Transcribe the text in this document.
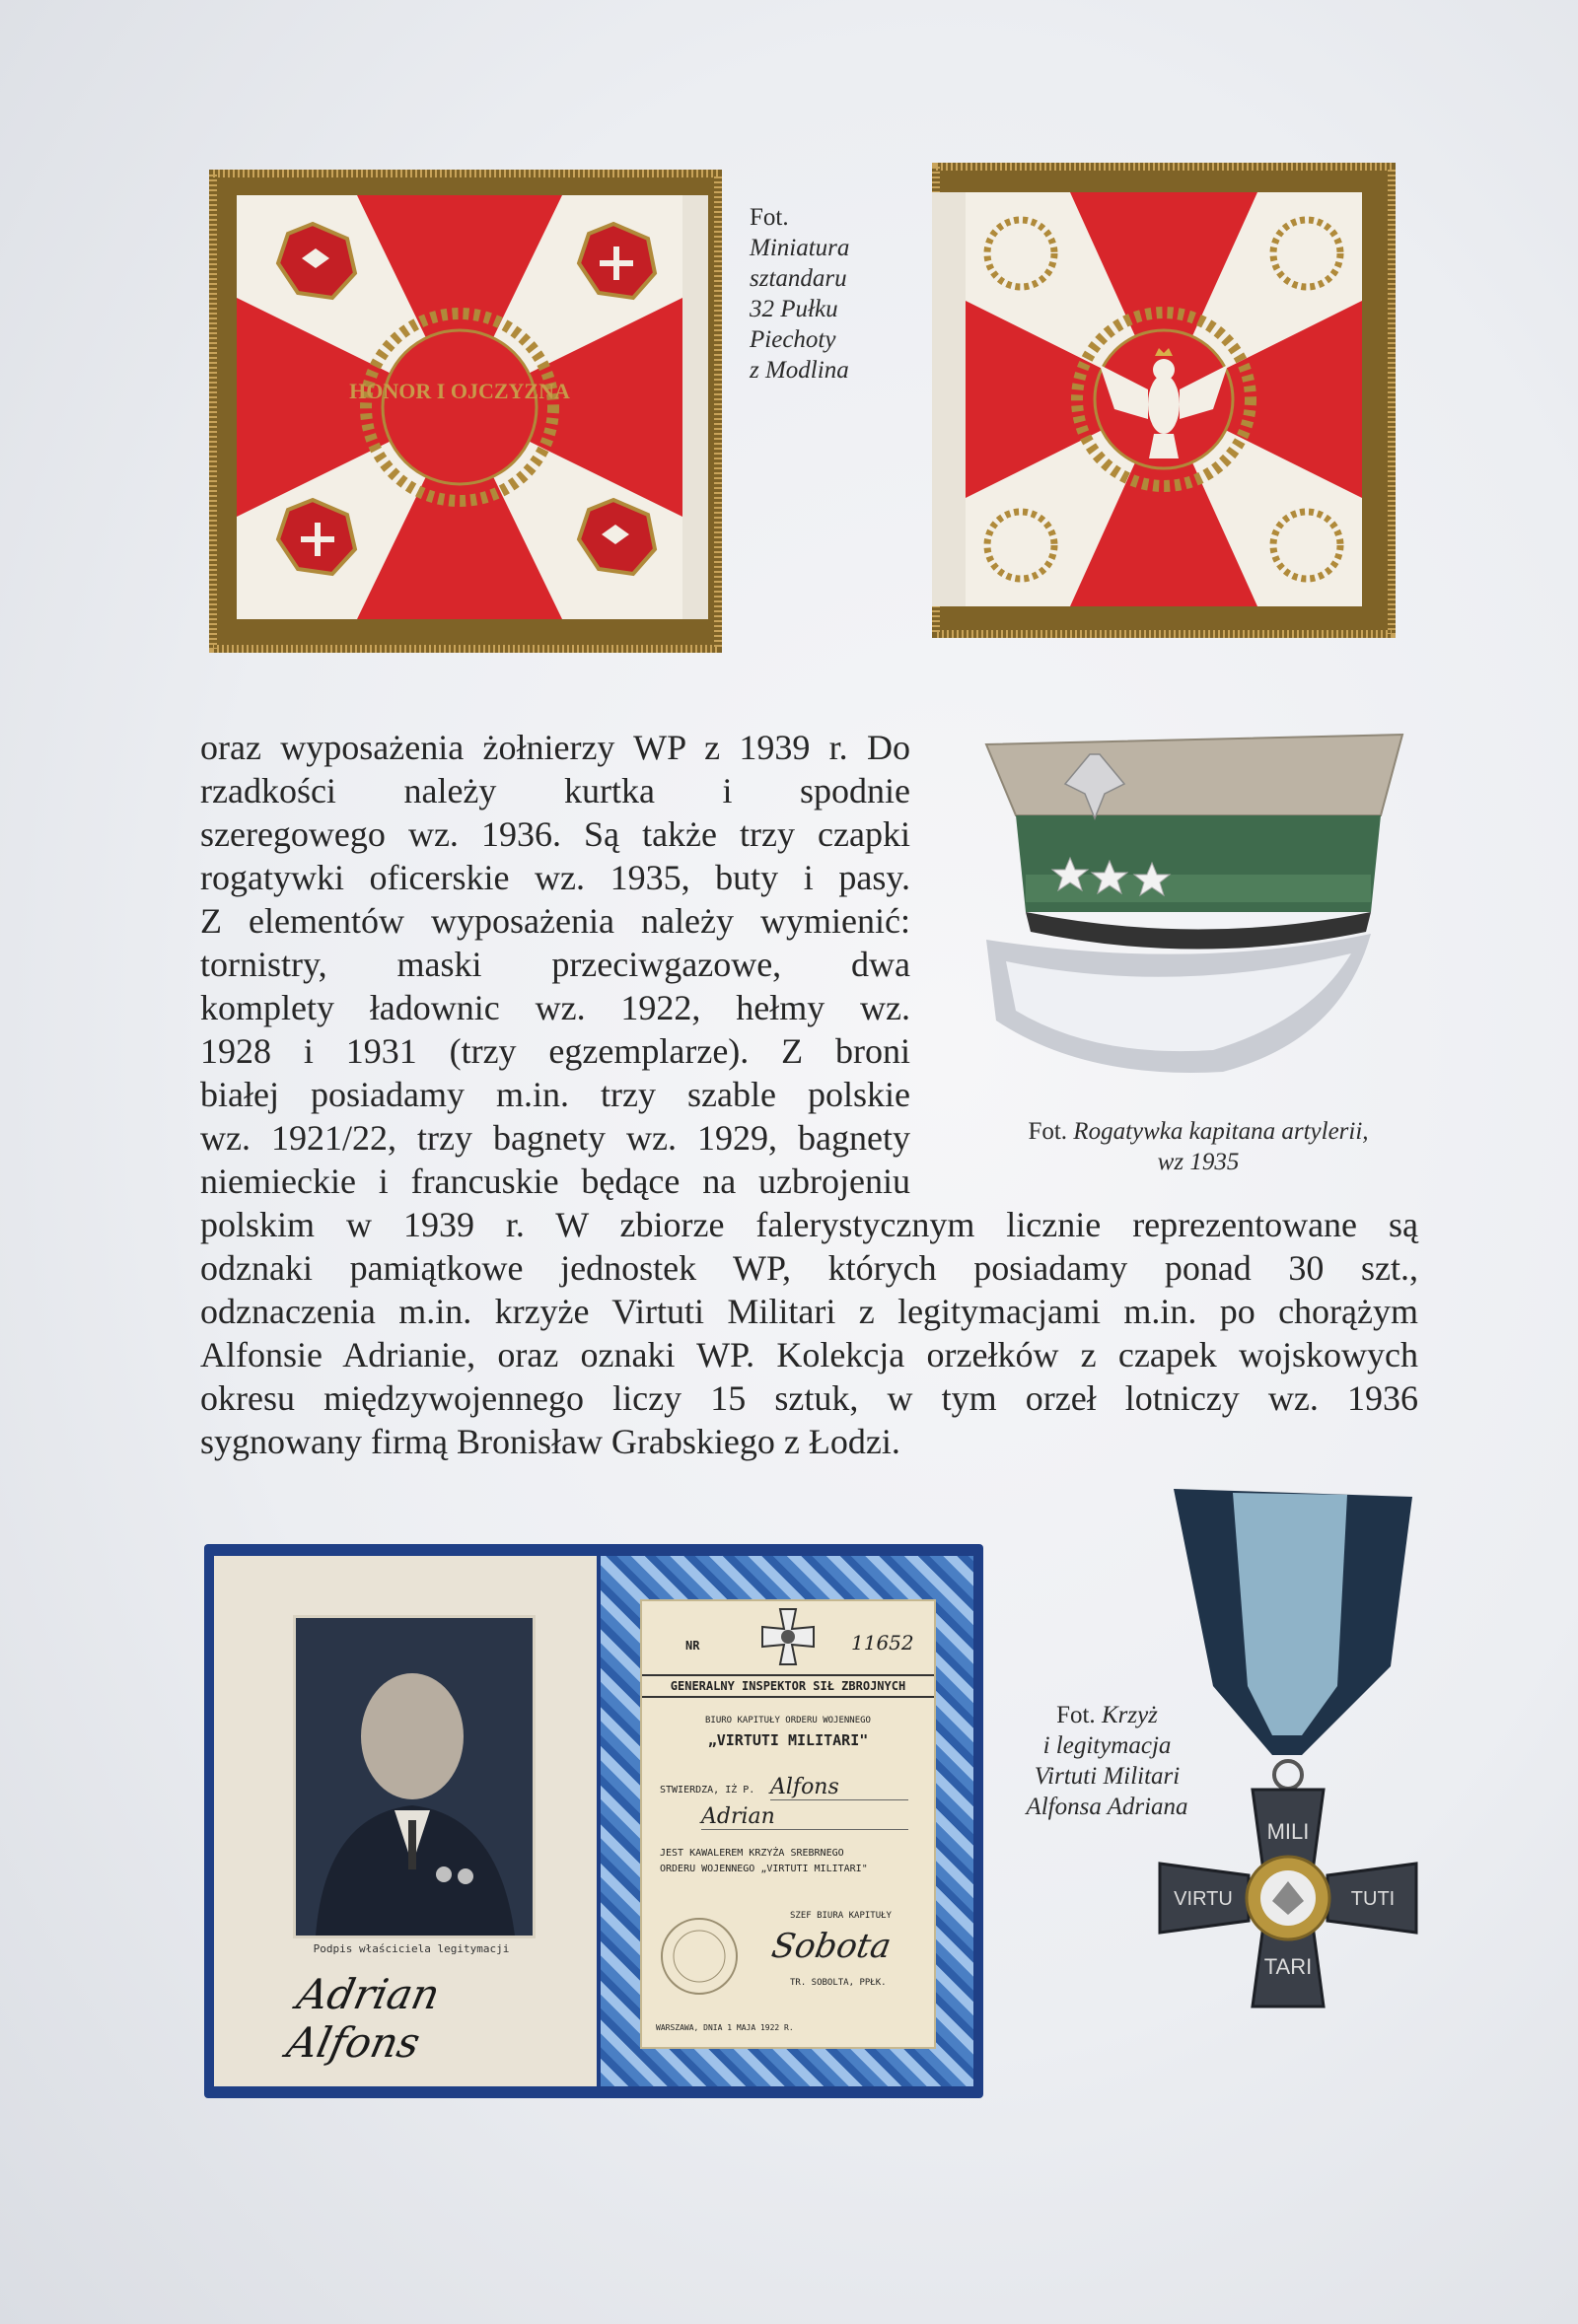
HONOR I OJCZYZNA
Fot.
Miniatura
sztandaru
32 Pułku
Piechoty
z Modlina
oraz wyposażenia żołnierzy WP z 1939 r. Do
rzadkości należy kurtka i spodnie
szeregowego wz. 1936. Są także trzy czapki
rogatywki oficerskie wz. 1935, buty i pasy.
Z elementów wyposażenia należy wymienić:
tornistry, maski przeciwgazowe, dwa
komplety ładownic wz. 1922, hełmy wz.
1928 i 1931 (trzy egzemplarze). Z broni
białej posiadamy m.in. trzy szable polskie
wz. 1921/22, trzy bagnety wz. 1929, bagnety
niemieckie i francuskie będące na uzbrojeniu
Fot. Rogatywka kapitana artylerii,
wz 1935
polskim w 1939 r. W zbiorze falerystycznym licznie reprezentowane są
odznaki pamiątkowe jednostek WP, których posiadamy ponad 30 szt.,
odznaczenia m.in. krzyże Virtuti Militari z legitymacjami m.in. po chorążym
Alfonsie Adrianie, oraz oznaki WP. Kolekcja orzełków z czapek wojskowych
okresu międzywojennego liczy 15 sztuk, w tym orzeł lotniczy wz. 1936
sygnowany firmą Bronisław Grabskiego z Łodzi.
Podpis właściciela legitymacji
Adrian Alfons
NR	11652
GENERALNY INSPEKTOR SIŁ ZBROJNYCH
BIURO KAPITUŁY ORDERU WOJENNEGO
„VIRTUTI MILITARI"
STWIERDZA, IŻ P. Alfons
Adrian
JEST KAWALEREM KRZYŻA SREBRNEGO
ORDERU WOJENNEGO „VIRTUTI MILITARI"
SZEF BIURA KAPITUŁY
Sobota
TR. SOBOLTA, PPŁK.
WARSZAWA, DNIA 1 MAJA 1922 R.
MILI
VIRTU	TUTI
TARI
Fot. Krzyż
i legitymacja
Virtuti Militari
Alfonsa Adriana
